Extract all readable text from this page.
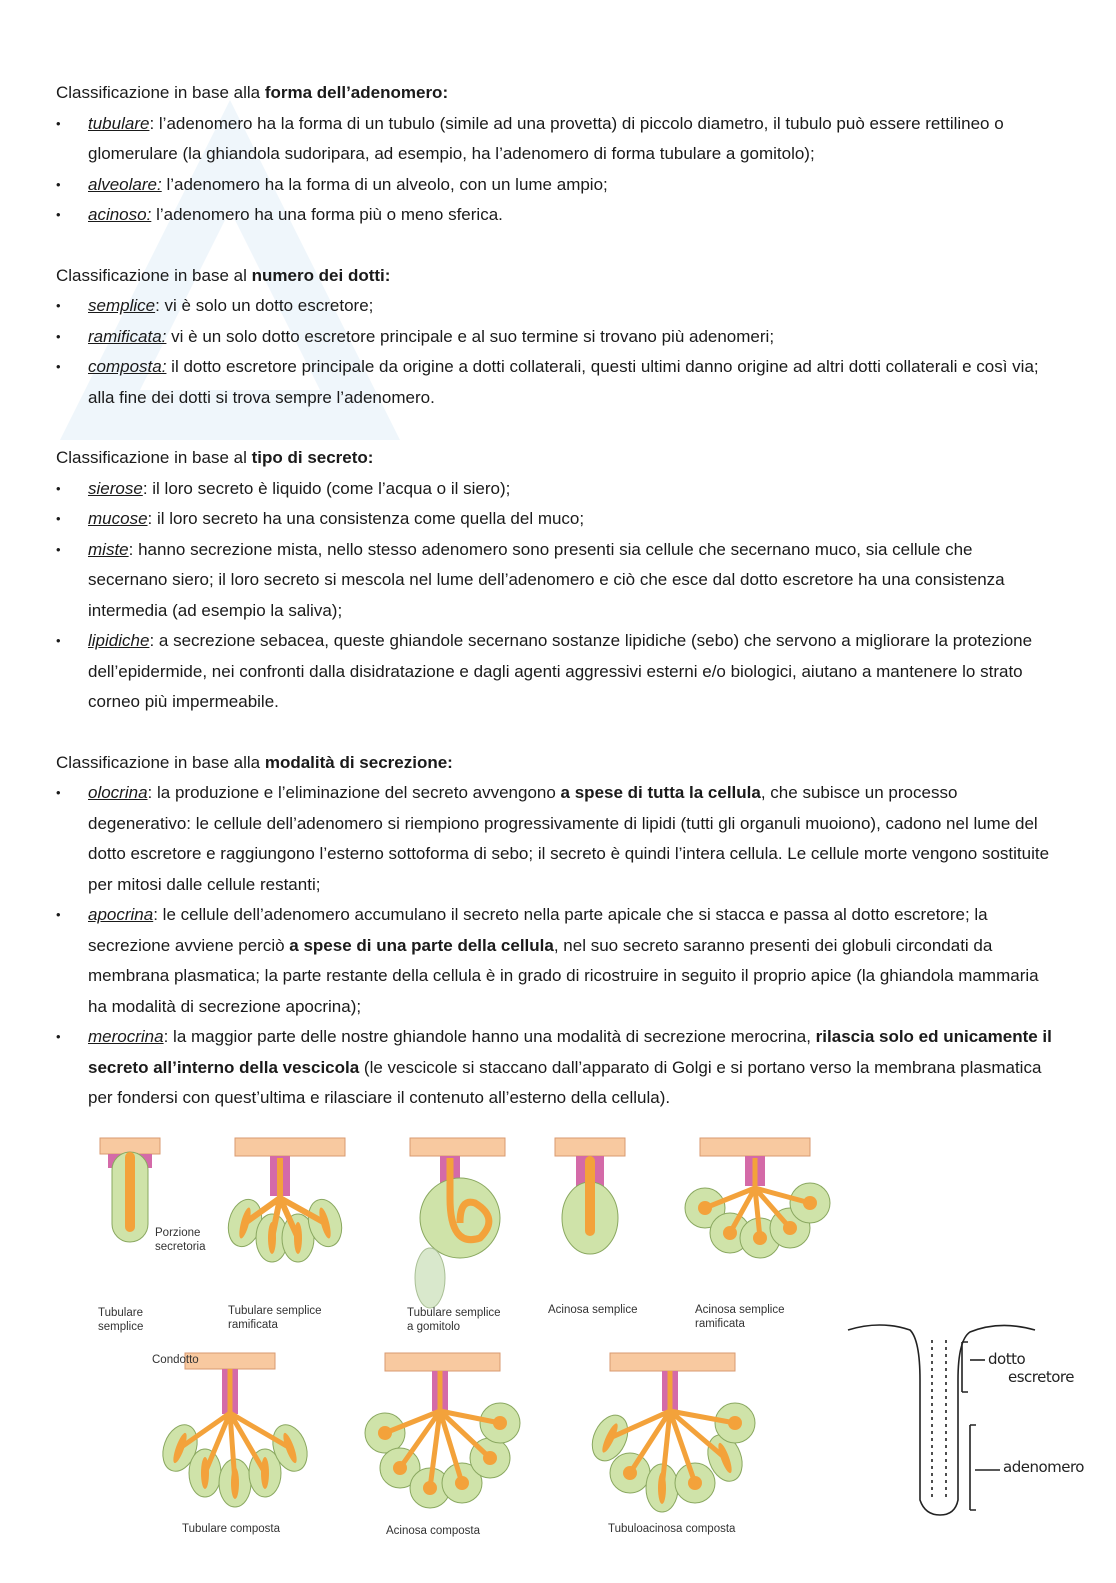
Classificazione in base alla forma dell’adenomero:
• tubulare: l’adenomero ha la forma di un tubulo (simile ad una provetta) di piccolo diametro, il tubulo può essere rettilineo o glomerulare (la ghiandola sudoripara, ad esempio, ha l’adenomero di forma tubulare a gomitolo);
• alveolare: l’adenomero ha la forma di un alveolo, con un lume ampio;
• acinoso: l’adenomero ha una forma più o meno sferica.
Classificazione in base al numero dei dotti:
• semplice: vi è solo un dotto escretore;
• ramificata: vi è un solo dotto escretore principale e al suo termine si trovano più adenomeri;
• composta: il dotto escretore principale da origine a dotti collaterali, questi ultimi danno origine ad altri dotti collaterali e così via; alla fine dei dotti si trova sempre l’adenomero.
Classificazione in base al tipo di secreto:
• sierose: il loro secreto è liquido (come l’acqua o il siero);
• mucose: il loro secreto ha una consistenza come quella del muco;
• miste: hanno secrezione mista, nello stesso adenomero sono presenti sia cellule che secernano muco, sia cellule che secernano siero; il loro secreto si mescola nel lume dell’adenomero e ciò che esce dal dotto escretore ha una consistenza intermedia (ad esempio la saliva);
• lipidiche: a secrezione sebacea, queste ghiandole secernano sostanze lipidiche (sebo) che servono a migliorare la protezione dell’epidermide, nei confronti dalla disidratazione e dagli agenti aggressivi esterni e/o biologici, aiutano a mantenere lo strato corneo più impermeabile.
Classificazione in base alla modalità di secrezione:
• olocrina: la produzione e l’eliminazione del secreto avvengono a spese di tutta la cellula, che subisce un processo degenerativo: le cellule dell’adenomero si riempiono progressivamente di lipidi (tutti gli organuli muoiono), cadono nel lume del dotto escretore e raggiungono l’esterno sottoforma di sebo; il secreto è quindi l’intera cellula. Le cellule morte vengono sostituite per mitosi dalle cellule restanti;
• apocrina: le cellule dell’adenomero accumulano il secreto nella parte apicale che si stacca e passa al dotto escretore; la secrezione avviene perciò a spese di una parte della cellula, nel suo secreto saranno presenti dei globuli circondati da membrana plasmatica; la parte restante della cellula è in grado di ricostruire in seguito il proprio apice (la ghiandola mammaria ha modalità di secrezione apocrina);
• merocrina: la maggior parte delle nostre ghiandole hanno una modalità di secrezione merocrina, rilascia solo ed unicamente il secreto all’interno della vescicola (le vescicole si staccano dall’apparato di Golgi e si portano verso la membrana plasmatica per fondersi con quest’ultima e rilasciare il contenuto all’esterno della cellula).
Porzione
secretoria
Tubulare
semplice
Tubulare semplice
ramificata
Tubulare semplice
a gomitolo
Acinosa semplice	Acinosa semplice
ramificata
Condotto
Tubulare composta	Acinosa composta	Tubuloacinosa composta
dotto
escretore
adenomero
